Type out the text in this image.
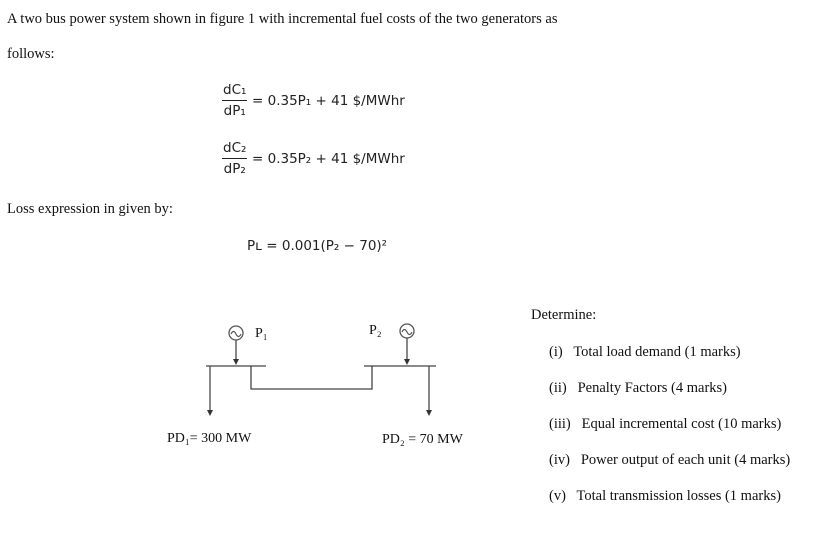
A two bus power system shown in figure 1 with incremental fuel costs of the two generators as
follows:
dC₁
dP₁
= 0.35P₁ + 41 $/MWhr
dC₂
dP₂
= 0.35P₂ + 41 $/MWhr
Loss expression in given by:
Pʟ = 0.001(P₂ − 70)²
P₁	P₂
PD₁= 300 MW	PD₂ = 70 MW
Determine:
(i) Total load demand (1 marks)
(ii) Penalty Factors (4 marks)
(iii) Equal incremental cost (10 marks)
(iv) Power output of each unit (4 marks)
(v) Total transmission losses (1 marks)
